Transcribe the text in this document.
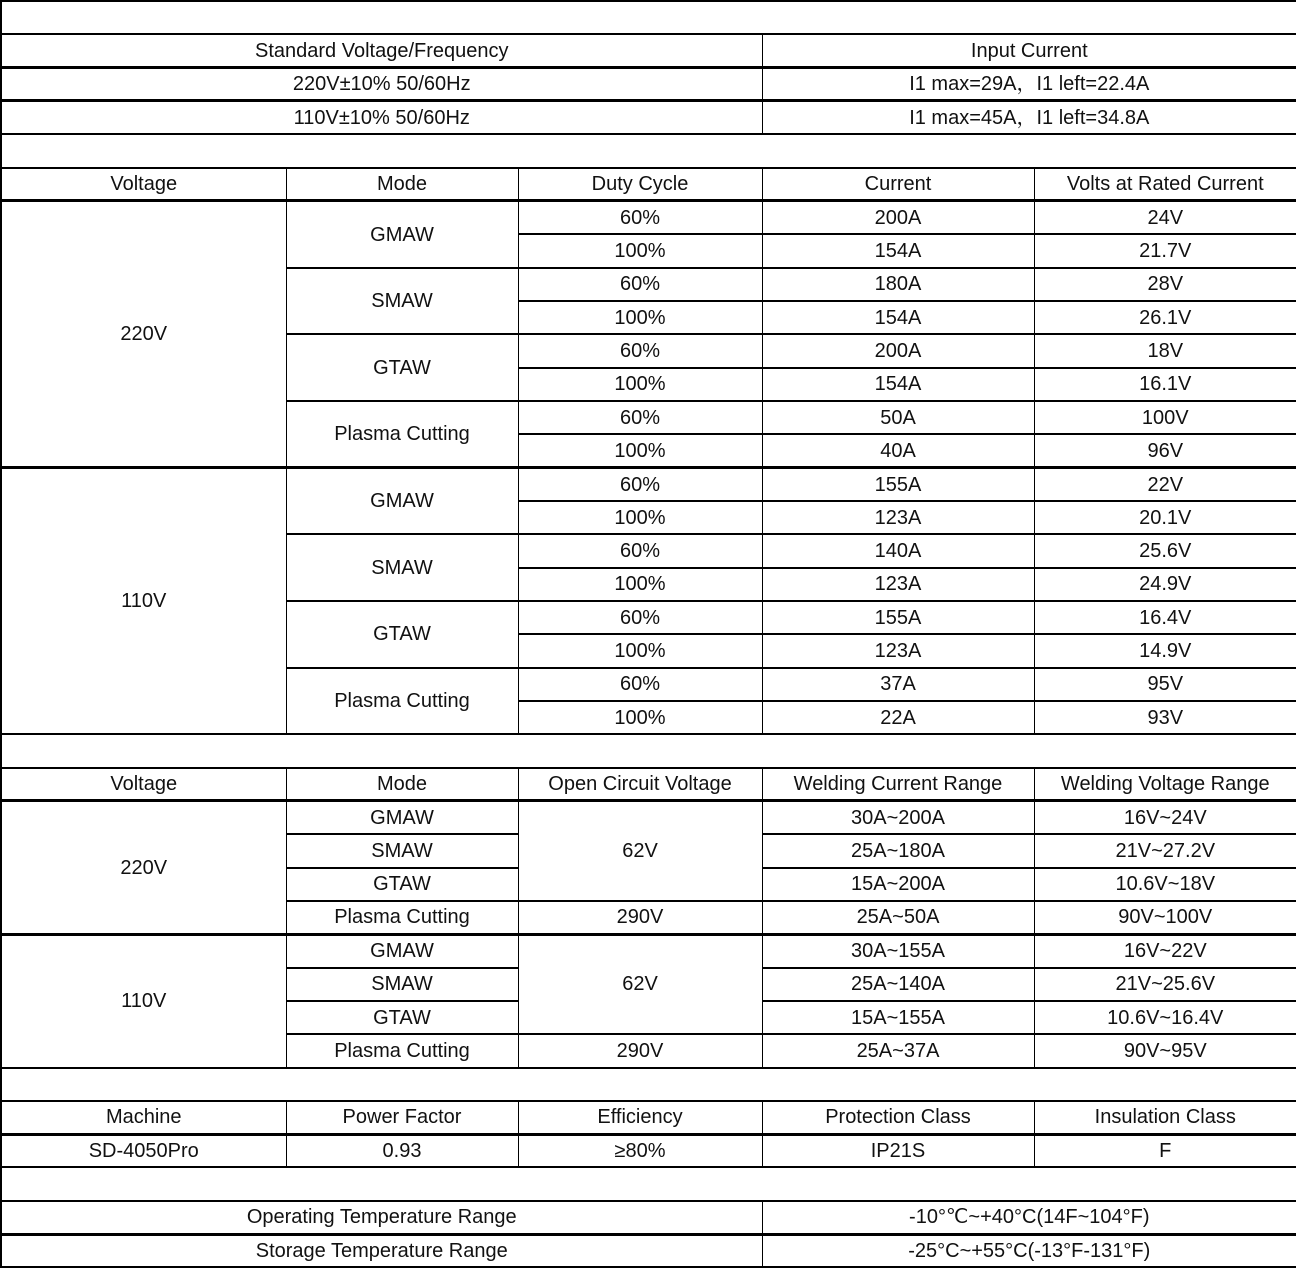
INPUT-SINGLE PHASE ONLY				
Standard Voltage/Frequency			Input Current	
220V±10% 50/60Hz			I1 max=29A，I1 left=22.4A	
110V±10% 50/60Hz			I1 max=45A，I1 left=34.8A	
RATED OUTPUT -DC ONLY				
Voltage	Mode	Duty Cycle	Current	Volts at Rated Current
220V	GMAW	60%	200A	24V
		100%	154A	21.7V
	SMAW	60%	180A	28V
		100%	154A	26.1V
	GTAW	60%	200A	18V
		100%	154A	16.1V
	Plasma Cutting	60%	50A	100V
		100%	40A	96V
110V	GMAW	60%	155A	22V
		100%	123A	20.1V
	SMAW	60%	140A	25.6V
		100%	123A	24.9V
	GTAW	60%	155A	16.4V
		100%	123A	14.9V
	Plasma Cutting	60%	37A	95V
		100%	22A	93V
OUTPUT RANGE				
Voltage	Mode	Open Circuit Voltage	Welding Current Range	Welding Voltage Range
220V	GMAW	62V	30A~200A	16V~24V
	SMAW		25A~180A	21V~27.2V
	GTAW		15A~200A	10.6V~18V
	Plasma Cutting	290V	25A~50A	90V~100V
110V	GMAW	62V	30A~155A	16V~22V
	SMAW		25A~140A	21V~25.6V
	GTAW		15A~155A	10.6V~16.4V
	Plasma Cutting	290V	25A~37A	90V~95V
OTHER PARAMETERS				
Machine	Power Factor	Efficiency	Protection Class	Insulation Class
SD-4050Pro	0.93	≥80%	IP21S	F
TEMPERATURE RANGE				
Operating Temperature Range			-10°℃~+40°C(14F~104°F)	
Storage Temperature Range			-25°C~+55°C(-13°F-131°F)	
